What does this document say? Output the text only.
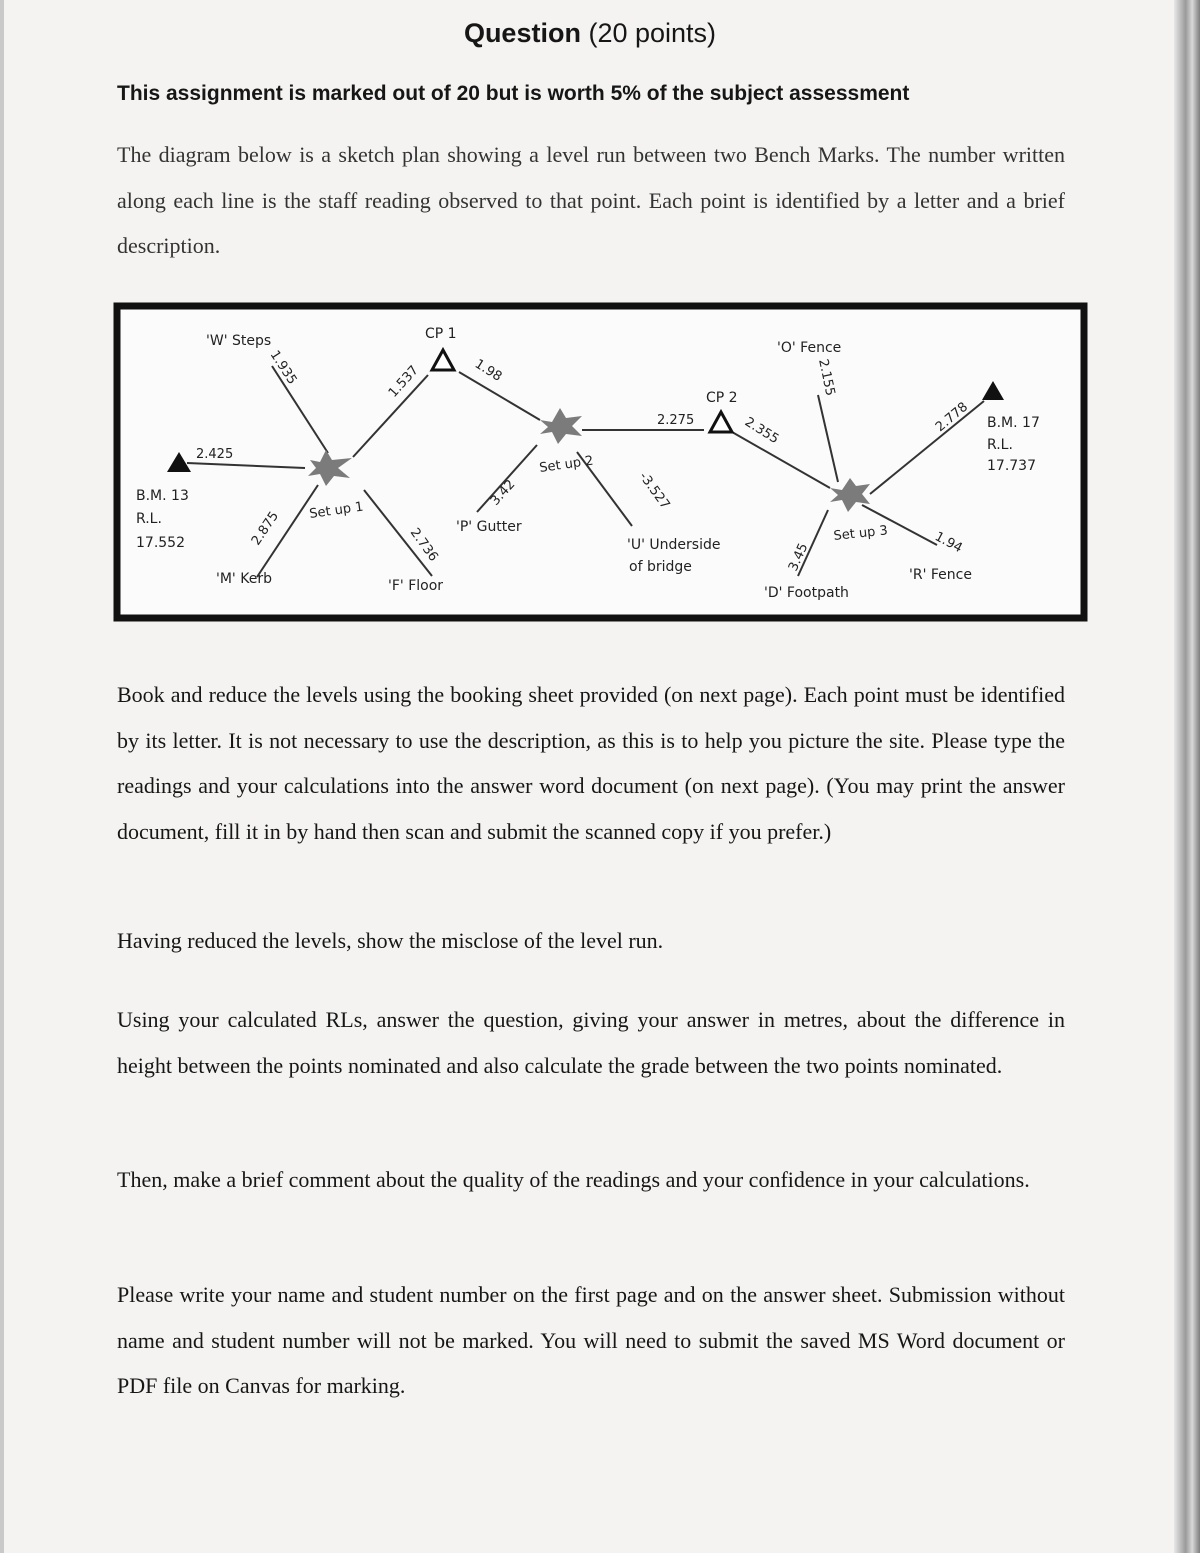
Question (20 points)
This assignment is marked out of 20 but is worth 5% of the subject assessment

The diagram below is a sketch plan showing a level run between two Bench Marks. The number written along each line is the staff reading observed to that point. Each point is identified by a letter and a brief description.

B.M. 13
R.L.
17.552
'W' Steps
'M' Kerb
CP 1
'F' Floor
'P' Gutter
CP 2
'U' Underside
of bridge
'O' Fence
'D' Footpath
'R' Fence
B.M. 17
R.L.
17.737
Set up 1
Set up 2
Set up 3
2.425
1.935
2.875
1.537
2.736
1.98
3.42
2.275
-3.527
2.355
2.155
3.45
2.778
1.94

Book and reduce the levels using the booking sheet provided (on next page). Each point must be identified by its letter. It is not necessary to use the description, as this is to help you picture the site. Please type the readings and your calculations into the answer word document (on next page). (You may print the answer document, fill it in by hand then scan and submit the scanned copy if you prefer.)

Having reduced the levels, show the misclose of the level run.

Using your calculated RLs, answer the question, giving your answer in metres, about the difference in height between the points nominated and also calculate the grade between the two points nominated.

Then, make a brief comment about the quality of the readings and your confidence in your calculations.

Please write your name and student number on the first page and on the answer sheet. Submission without name and student number will not be marked. You will need to submit the saved MS Word document or PDF file on Canvas for marking.
